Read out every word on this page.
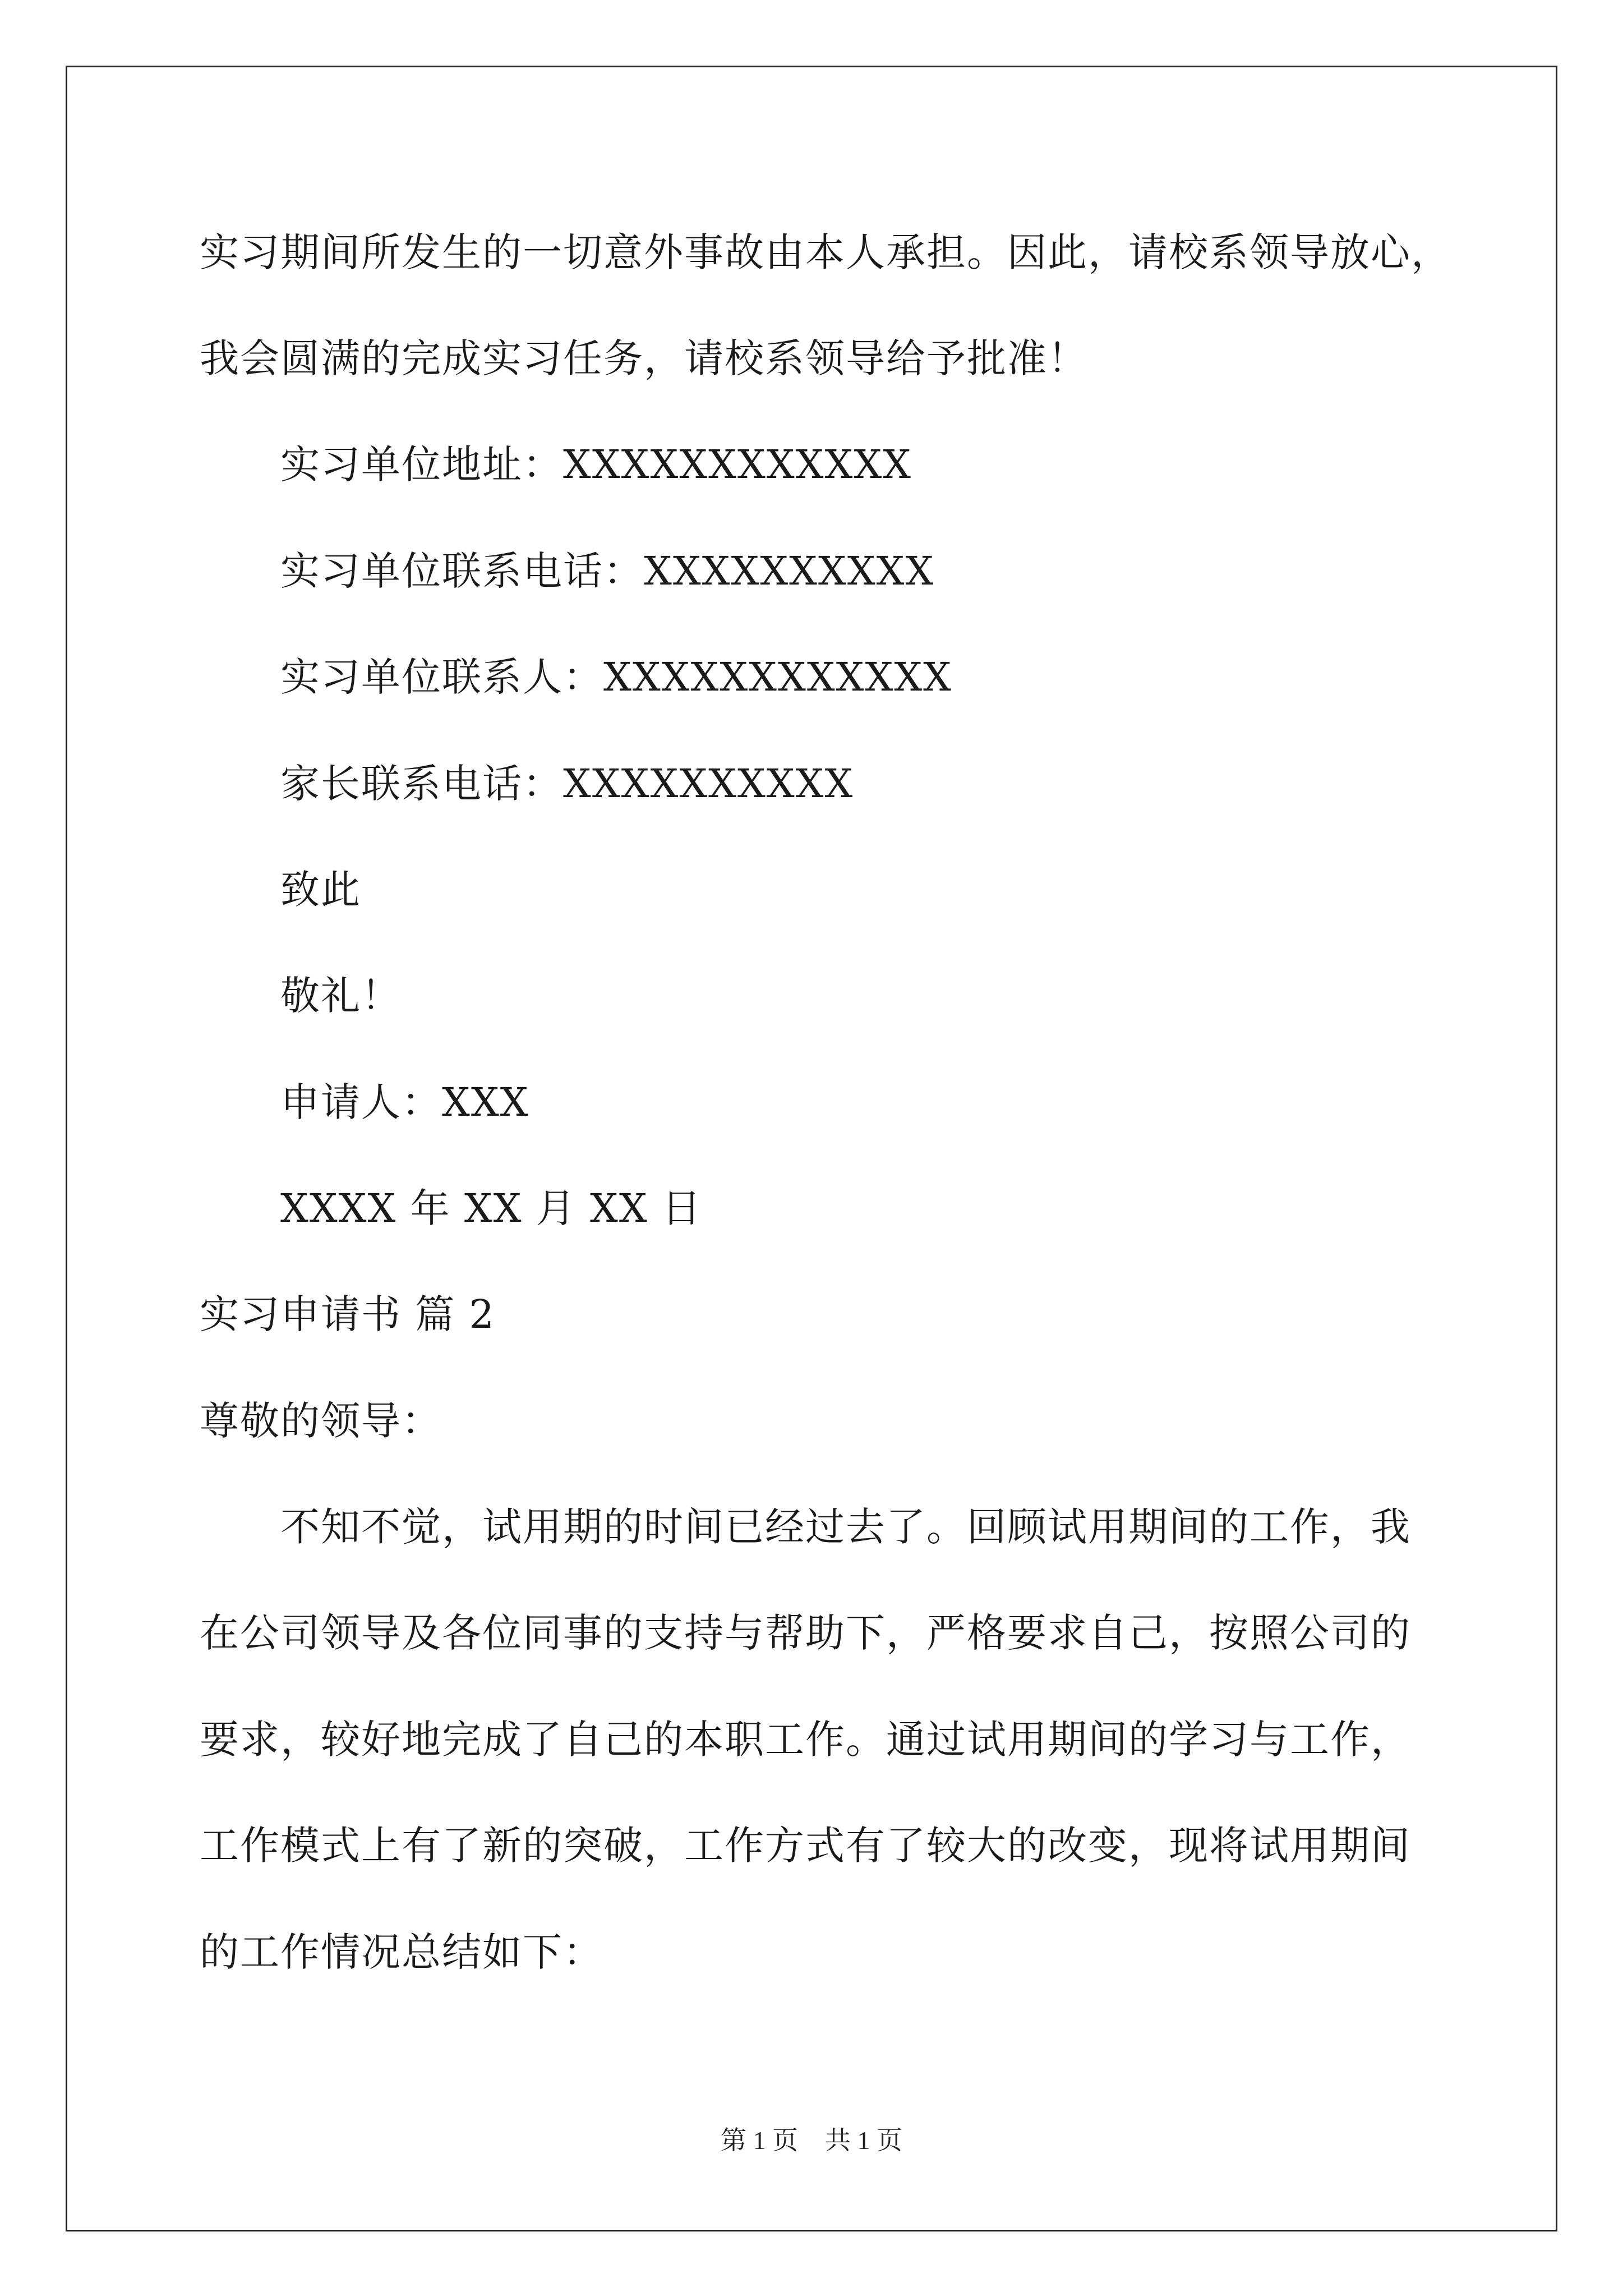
实习期间所发生的一切意外事故由本人承担。因此，请校系领导放心，
我会圆满的完成实习任务，请校系领导给予批准！
实习单位地址：XXXXXXXXXXXX
实习单位联系电话：XXXXXXXXXX
实习单位联系人：XXXXXXXXXXXX
家长联系电话：XXXXXXXXXX
致此
敬礼！
申请人：XXX
XXXX 年 XX 月 XX 日
实习申请书 篇 2
尊敬的领导：
不知不觉，试用期的时间已经过去了。回顾试用期间的工作，我
在公司领导及各位同事的支持与帮助下，严格要求自己，按照公司的
要求，较好地完成了自己的本职工作。通过试用期间的学习与工作，
工作模式上有了新的突破，工作方式有了较大的改变，现将试用期间
的工作情况总结如下：
第 1 页 共 1 页
